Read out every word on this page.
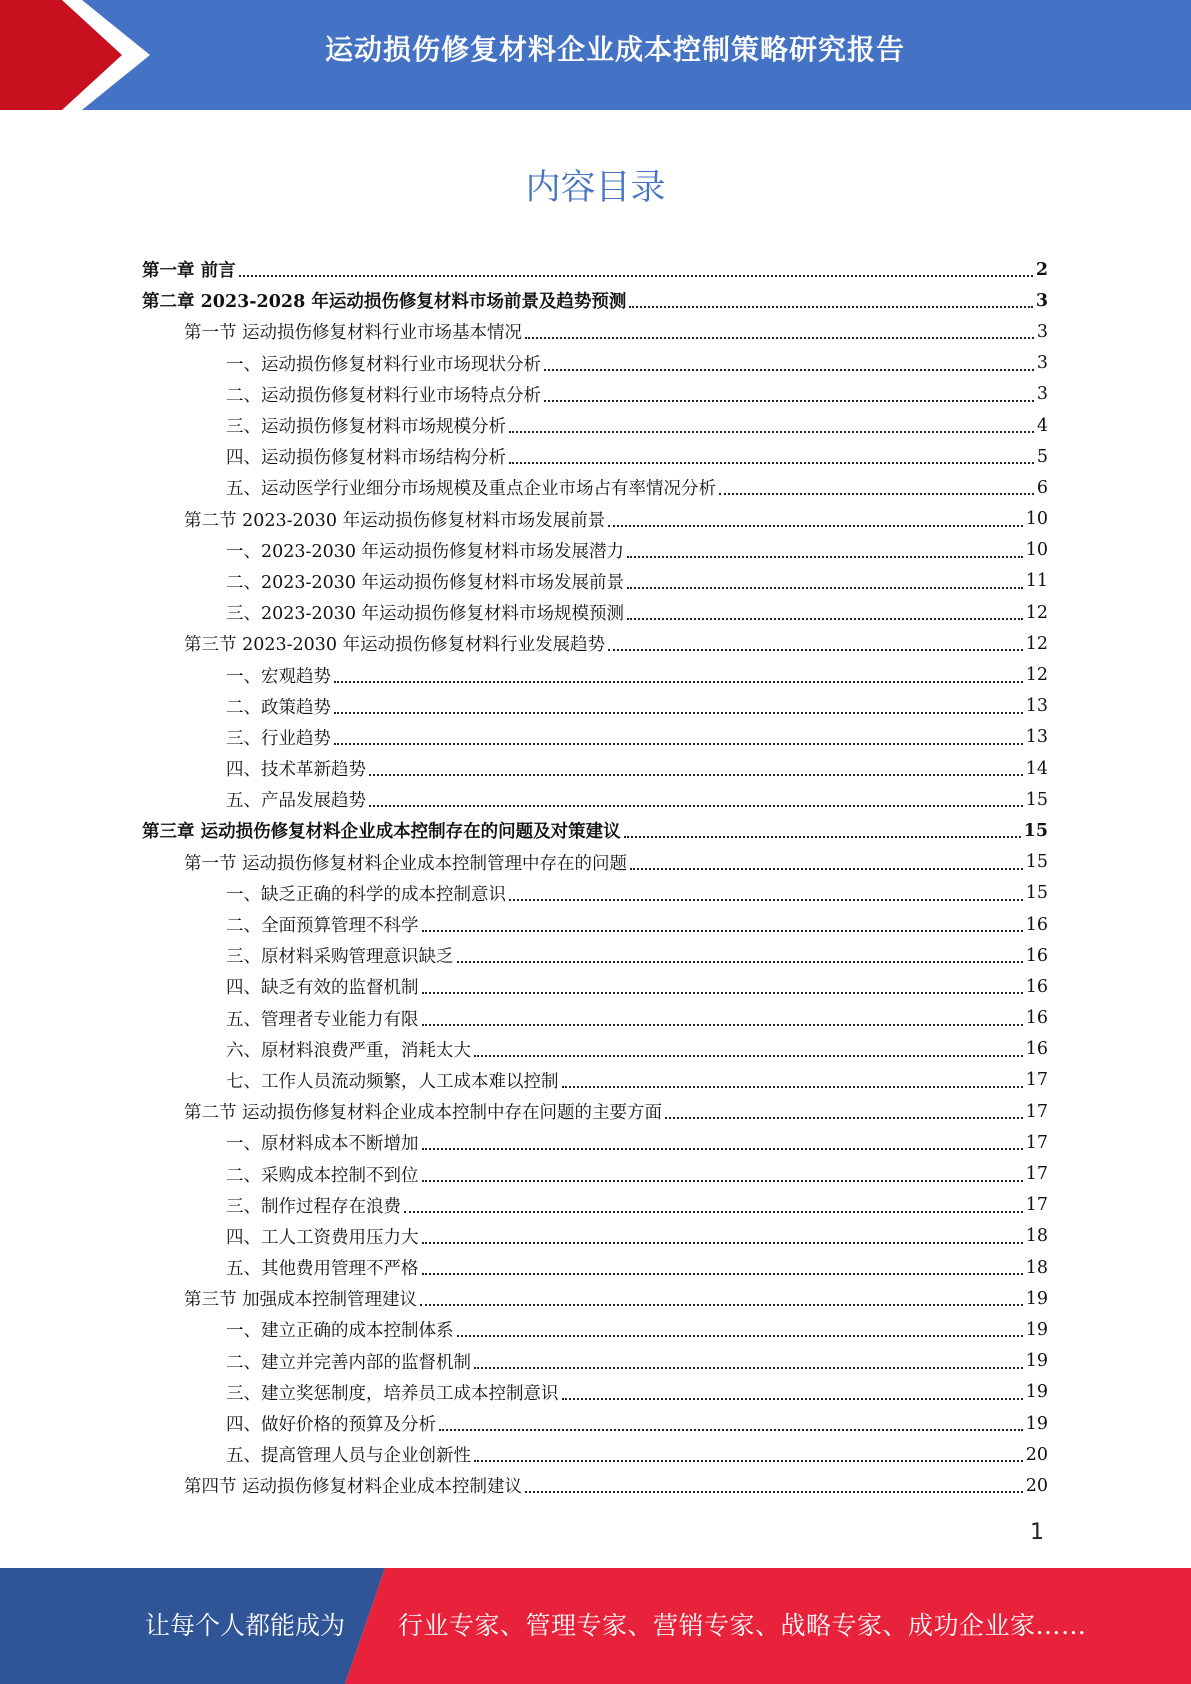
运动损伤修复材料企业成本控制策略研究报告
内容目录
第一章 前言	2
第二章 2023-2028 年运动损伤修复材料市场前景及趋势预测	3
第一节 运动损伤修复材料行业市场基本情况	3
一、运动损伤修复材料行业市场现状分析	3
二、运动损伤修复材料行业市场特点分析	3
三、运动损伤修复材料市场规模分析	4
四、运动损伤修复材料市场结构分析	5
五、运动医学行业细分市场规模及重点企业市场占有率情况分析	6
第二节 2023-2030 年运动损伤修复材料市场发展前景	10
一、2023-2030 年运动损伤修复材料市场发展潜力	10
二、2023-2030 年运动损伤修复材料市场发展前景	11
三、2023-2030 年运动损伤修复材料市场规模预测	12
第三节 2023-2030 年运动损伤修复材料行业发展趋势	12
一、宏观趋势	12
二、政策趋势	13
三、行业趋势	13
四、技术革新趋势	14
五、产品发展趋势	15
第三章 运动损伤修复材料企业成本控制存在的问题及对策建议	15
第一节 运动损伤修复材料企业成本控制管理中存在的问题	15
一、缺乏正确的科学的成本控制意识	15
二、全面预算管理不科学	16
三、原材料采购管理意识缺乏	16
四、缺乏有效的监督机制	16
五、管理者专业能力有限	16
六、原材料浪费严重，消耗太大	16
七、工作人员流动频繁，人工成本难以控制	17
第二节 运动损伤修复材料企业成本控制中存在问题的主要方面	17
一、原材料成本不断增加	17
二、采购成本控制不到位	17
三、制作过程存在浪费	17
四、工人工资费用压力大	18
五、其他费用管理不严格	18
第三节 加强成本控制管理建议	19
一、建立正确的成本控制体系	19
二、建立并完善内部的监督机制	19
三、建立奖惩制度，培养员工成本控制意识	19
四、做好价格的预算及分析	19
五、提高管理人员与企业创新性	20
第四节 运动损伤修复材料企业成本控制建议	20
1
让每个人都能成为 行业专家、管理专家、营销专家、战略专家、成功企业家……
